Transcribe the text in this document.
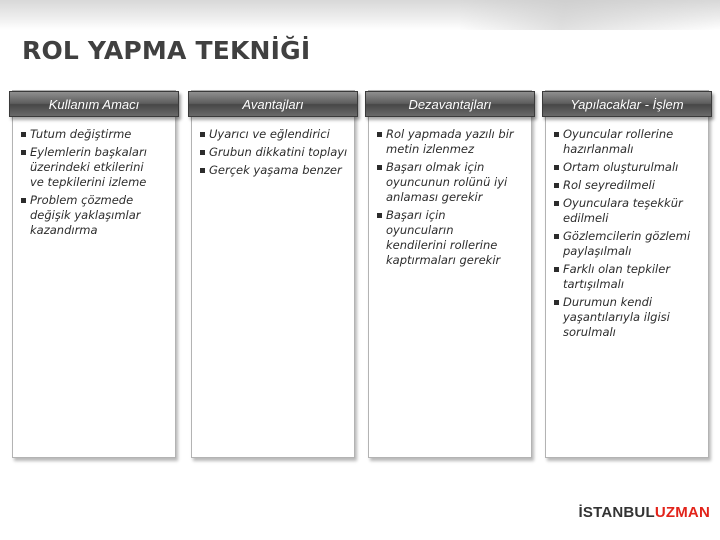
ROL YAPMA TEKNİĞİ
Kullanım Amacı
Tutum değiştirme
Eylemlerin başkaları üzerindeki etkilerini ve tepkilerini izleme
Problem çözmede değişik yaklaşımlar kazandırma
Avantajları
Uyarıcı ve eğlendirici
Grubun dikkatini toplayı
Gerçek yaşama benzer
Dezavantajları
Rol yapmada yazılı bir metin izlenmez
Başarı olmak için oyuncunun rolünü iyi anlaması gerekir
Başarı için oyuncuların kendilerini rollerine kaptırmaları gerekir
Yapılacaklar - İşlem
Oyuncular rollerine hazırlanmalı
Ortam oluşturulmalı
Rol seyredilmeli
Oyunculara teşekkür edilmeli
Gözlemcilerin gözlemi paylaşılmalı
Farklı olan tepkiler tartışılmalı
Durumun kendi yaşantılarıyla ilgisi sorulmalı
İSTANBULUZMAN
